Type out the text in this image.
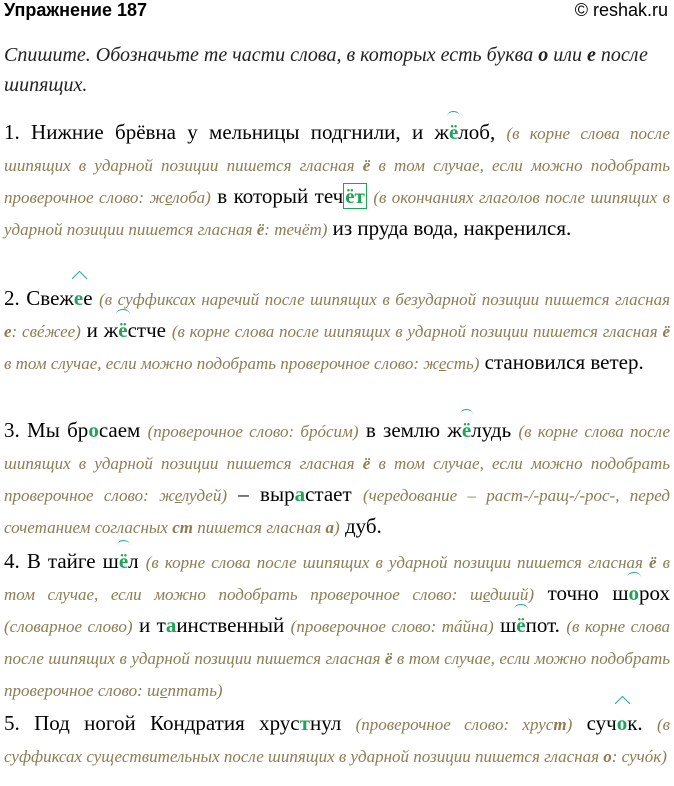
Упражнение 187	© reshak.ru
Спишите. Обозначьте те части слова, в которых есть буква о или е после шипящих.
1. Нижние брёвна у мельницы подгнили, и жёлоб, (в корне слова после шипящих в ударной позиции пишется гласная ё в том случае, если можно подобрать проверочное слово: желоба) в который течёт (в окончаниях глаголов после шипящих в ударной позиции пишется гласная ё: течёт) из пруда вода, накренился.
2. Свежее (в суффиксах наречий после шипящих в безударной позиции пишется гласная е: свéжее) и жёстче (в корне слова после шипящих в ударной позиции пишется гласная ё в том случае, если можно подобрать проверочное слово: жесть) становился ветер.
3. Мы бросаем (проверочное слово: брóсим) в землю жёлудь (в корне слова после шипящих в ударной позиции пишется гласная ё в том случае, если можно подобрать проверочное слово: желудей) – вырастает (чередование – раст-/-ращ-/-рос-, перед сочетанием согласных ст пишется гласная а) дуб.
4. В тайге шёл (в корне слова после шипящих в ударной позиции пишется гласная ё в том случае, если можно подобрать проверочное слово: шедший) точно шорох (словарное слово) и таинственный (проверочное слово: тáйна) шёпот. (в корне слова после шипящих в ударной позиции пишется гласная ё в том случае, если можно подобрать проверочное слово: шептать)
5. Под ногой Кондратия хрустнул (проверочное слово: хруст) сучок. (в суффиксах существительных после шипящих в ударной позиции пишется гласная о: сучóк)
